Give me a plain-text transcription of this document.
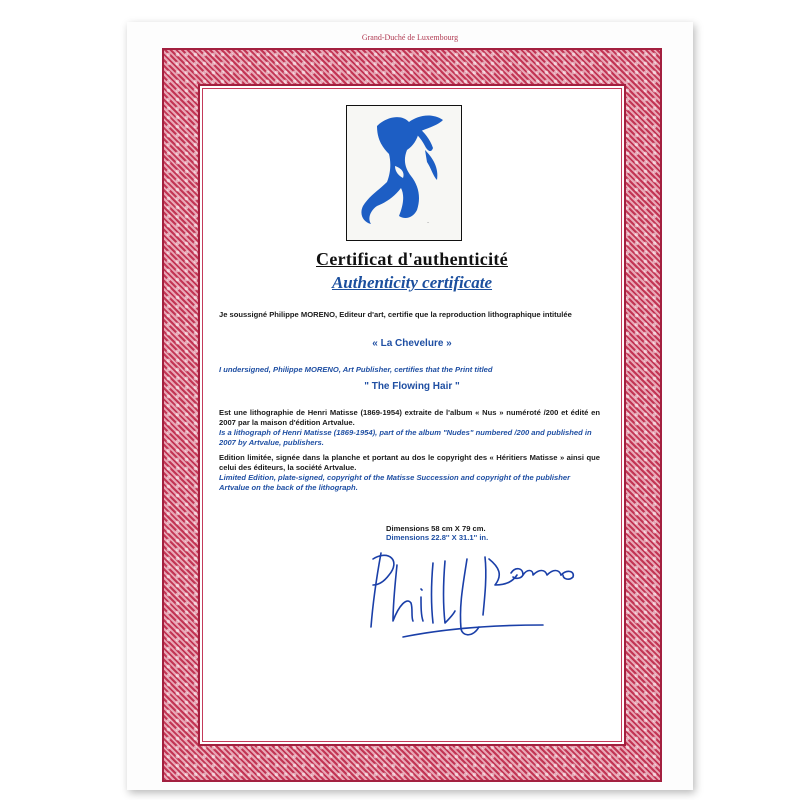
Grand-Duché de Luxembourg
~
Certificat d'authenticité
Authenticity certificate
Je soussigné Philippe MORENO, Editeur d'art, certifie que la reproduction lithographique intitulée
« La Chevelure »
I undersigned, Philippe MORENO, Art Publisher, certifies that the Print titled
" The Flowing Hair "
Est une lithographie de Henri Matisse (1869-1954) extraite de l'album « Nus » numéroté /200 et édité en 2007 par la maison d'édition Artvalue.
Is a lithograph of Henri Matisse (1869-1954), part of the album "Nudes" numbered /200 and published in 2007 by Artvalue, publishers.
Edition limitée, signée dans la planche et portant au dos le copyright des « Héritiers Matisse » ainsi que celui des éditeurs, la société Artvalue.
Limited Edition, plate-signed, copyright of the Matisse Succession and copyright of the publisher Artvalue on the back of the lithograph.
Dimensions 58 cm X 79 cm.
Dimensions 22.8'' X 31.1'' in.
